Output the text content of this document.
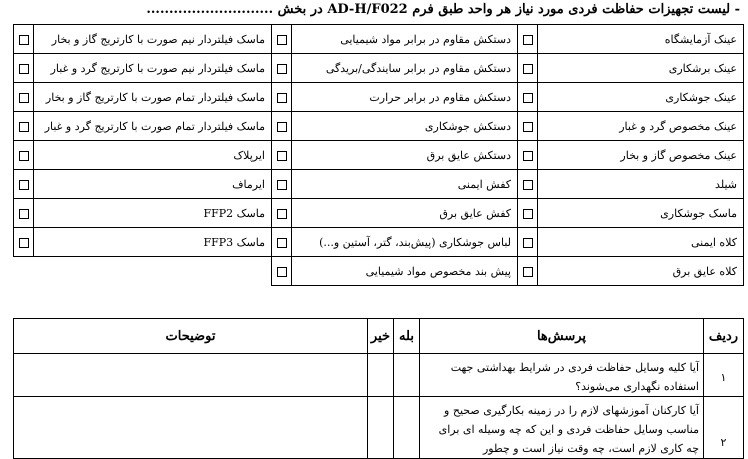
- لیست تجهیزات حفاظت فردی مورد نیاز هر واحد طبق فرم AD-H/F022 در بخش ............................
عینک آزمایشگاه		دستکش مقاوم در برابر مواد شیمیایی		ماسک فیلتردار نیم صورت با کارتریج گاز و بخار	
عینک برشکاری		دستکش مقاوم در برابر سایندگی/بریدگی		ماسک فیلتردار نیم صورت با کارتریج گرد و غبار	
عینک جوشکاری		دستکش مقاوم در برابر حرارت		ماسک فیلتردار تمام صورت با کارتریج گاز و بخار	
عینک مخصوص گرد و غبار		دستکش جوشکاری		ماسک فیلتردار تمام صورت با کارتریج گرد و غبار	
عینک مخصوص گاز و بخار		دستکش عایق برق		ایرپلاک	
شیلد		کفش ایمنی		ایرماف	
ماسک جوشکاری		کفش عایق برق		ماسک FFP2	
کلاه ایمنی		لباس جوشکاری (پیش‌بند، گتر، آستین و...)		ماسک FFP3	
کلاه عایق برق		پیش بند مخصوص مواد شیمیایی			
ردیف	پرسش‌ها	بله	خیر	توضیحات
۱	آیا کلیه وسایل حفاظت فردی در شرایط بهداشتی جهت استفاده نگهداری می‌شوند؟			
۲	آیا کارکنان آموزشهای لازم را در زمینه بکارگیری صحیح و مناسب وسایل حفاظت فردی و این که چه وسیله ای برای چه کاری لازم است، چه وقت نیاز است و چطور			
